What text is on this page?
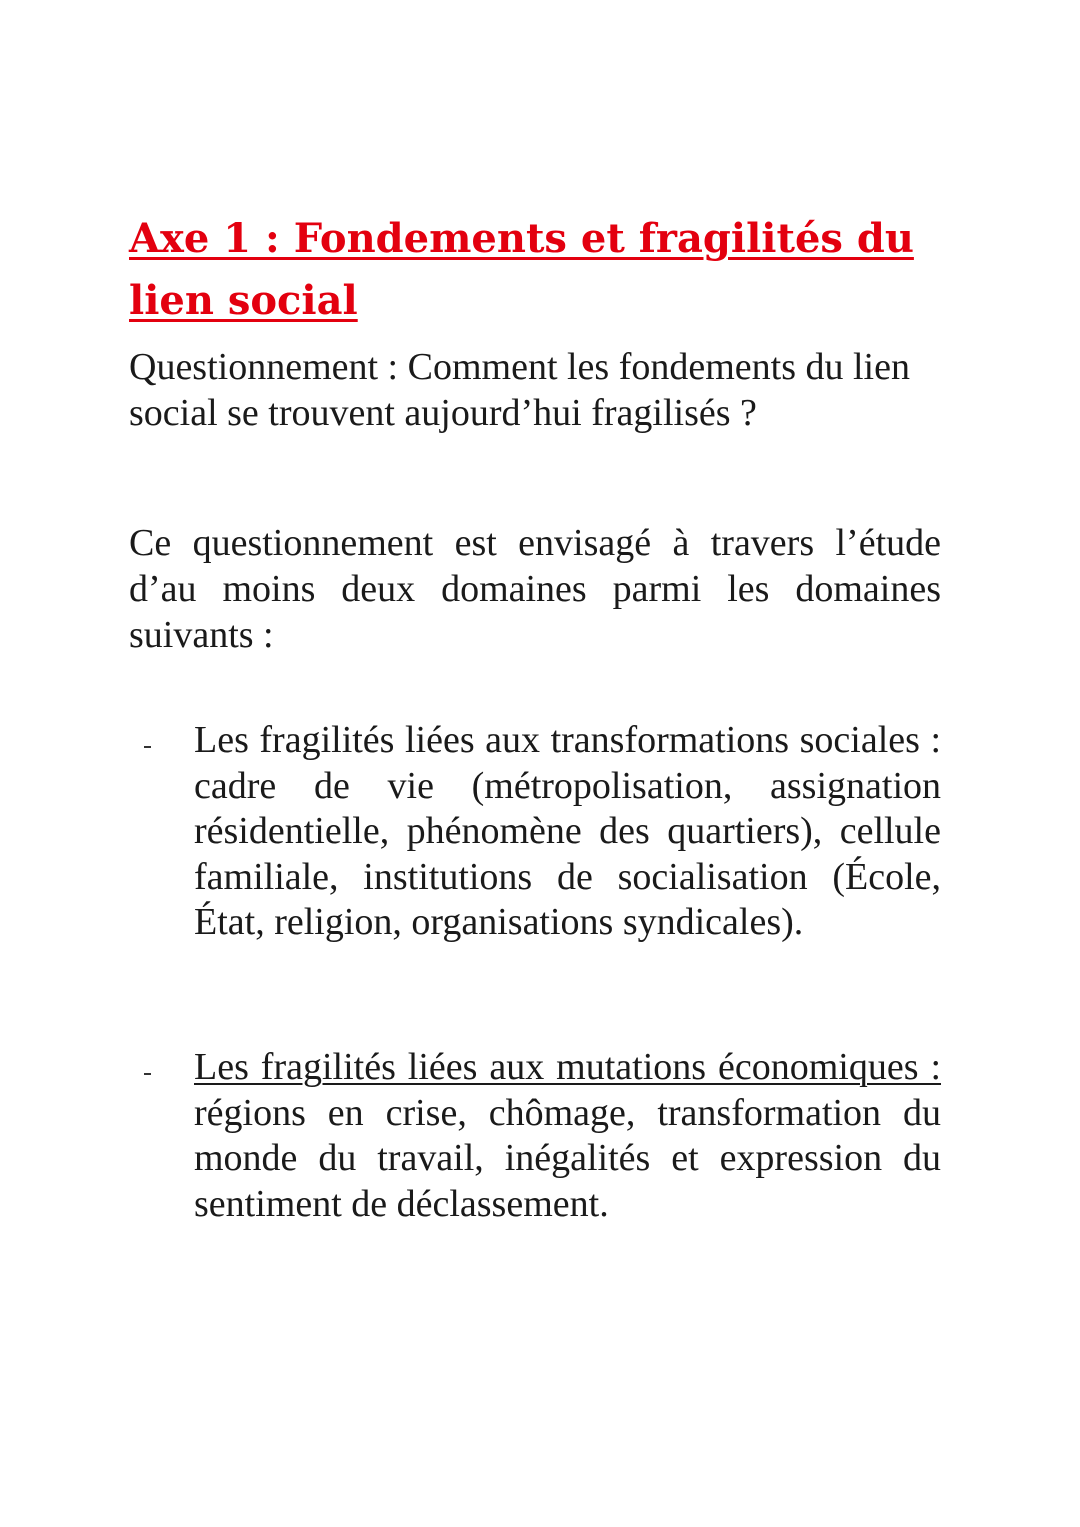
Axe 1 : Fondements et fragilités du lien social

Questionnement : Comment les fondements du lien social se trouvent aujourd’hui fragilisés ?

Ce questionnement est envisagé à travers l’étude d’au moins deux domaines parmi les domaines suivants :

Les fragilités liées aux transformations sociales : cadre de vie (métropolisation, assignation résidentielle, phénomène des quartiers), cellule familiale, institutions de socialisation (École, État, religion, organisations syndicales).

Les fragilités liées aux mutations économiques : régions en crise, chômage, transformation du monde du travail, inégalités et expression du sentiment de déclassement.
